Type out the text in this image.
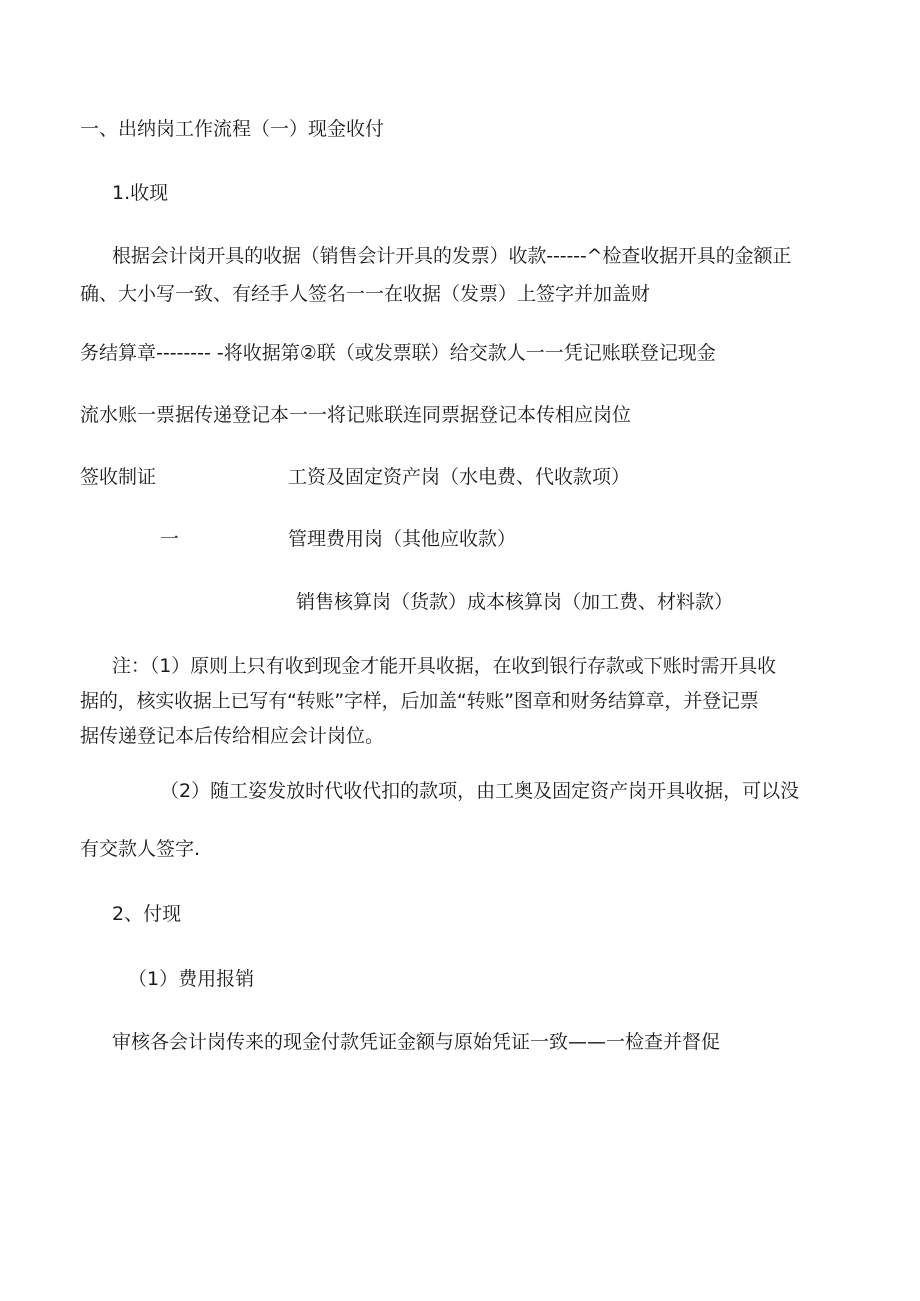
一、出纳岗工作流程（一）现金收付

1.收现

根据会计岗开具的收据（销售会计开具的发票）收款------^检查收据开具的金额正

确、大小写一致、有经手人签名一一在收据（发票）上签字并加盖财

务结算章-------- -将收据第②联（或发票联）给交款人一一凭记账联登记现金

流水账一票据传递登记本一一将记账联连同票据登记本传相应岗位

签收制证	工资及固定资产岗（水电费、代收款项）

一	管理费用岗（其他应收款）

销售核算岗（货款）成本核算岗（加工费、材料款）

注：（1）原则上只有收到现金才能开具收据，在收到银行存款或下账时需开具收

据的，核实收据上已写有“转账”字样，后加盖“转账”图章和财务结算章，并登记票

据传递登记本后传给相应会计岗位。

（2）随工姿发放时代收代扣的款项，由工奥及固定资产岗开具收据，可以没

有交款人签字.

2、付现

（1）费用报销

审核各会计岗传来的现金付款凭证金额与原始凭证一致——一检查并督促
